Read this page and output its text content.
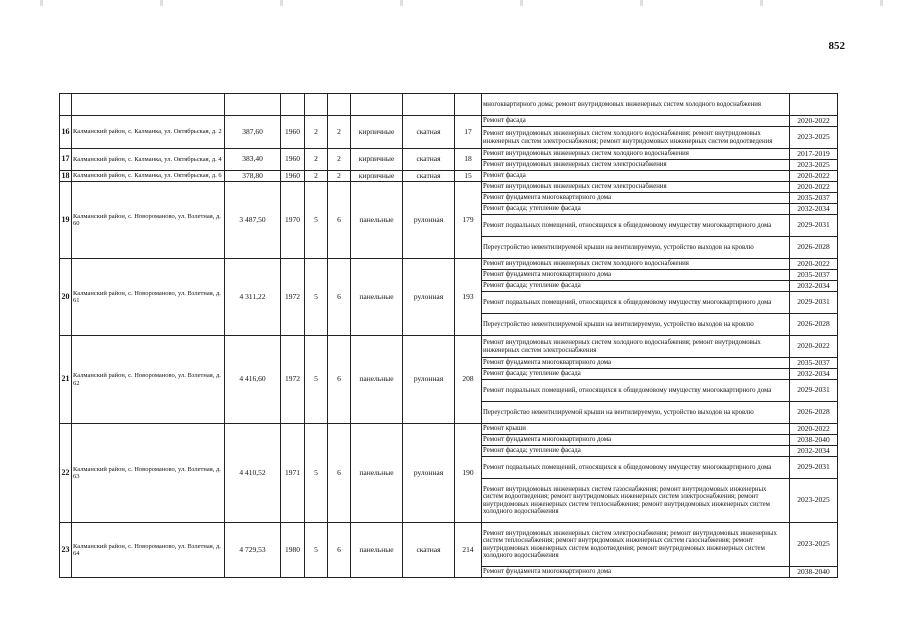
852
									многоквартирного дома; ремонт внутридомовых инженерных систем холодного водоснабжения	
16	Калманский район, с. Калманка, ул. Октябрьская, д. 2	387,60	1960	2	2	кирпичные	скатная	17	Ремонт фасада	2020-2022
									Ремонт внутридомовых инженерных систем холодного водоснабжения; ремонт внутридомовых инженерных систем электроснабжения; ремонт внутридомовых инженерных систем водоотведения	2023-2025
17	Калманский район, с. Калманка, ул. Октябрьская, д. 4	383,40	1960	2	2	кирпичные	скатная	18	Ремонт внутридомовых инженерных систем холодного водоснабжения	2017-2019
									Ремонт внутридомовых инженерных систем электроснабжения	2023-2025
18	Калманский район, с. Калманка, ул. Октябрьская, д. 6	378,80	1960	2	2	кирпичные	скатная	15	Ремонт фасада	2020-2022
19	Калманский район, с. Новороманово, ул. Взлетная, д. 60	3 487,50	1970	5	6	панельные	рулонная	179	Ремонт внутридомовых инженерных систем электроснабжения	2020-2022
									Ремонт фундамента многоквартирного дома	2035-2037
									Ремонт фасада; утепление фасада	2032-2034
									Ремонт подвальных помещений, относящихся к общедомовому имуществу многоквартирного дома	2029-2031
									Переустройство невентилируемой крыши на вентилируемую, устройство выходов на кровлю	2026-2028
20	Калманский район, с. Новороманово, ул. Взлетная, д. 61	4 311,22	1972	5	6	панельные	рулонная	193	Ремонт внутридомовых инженерных систем холодного водоснабжения	2020-2022
									Ремонт фундамента многоквартирного дома	2035-2037
									Ремонт фасада; утепление фасада	2032-2034
									Ремонт подвальных помещений, относящихся к общедомовому имуществу многоквартирного дома	2029-2031
									Переустройство невентилируемой крыши на вентилируемую, устройство выходов на кровлю	2026-2028
21	Калманский район, с. Новороманово, ул. Взлетная, д. 62	4 416,60	1972	5	6	панельные	рулонная	208	Ремонт внутридомовых инженерных систем холодного водоснабжения; ремонт внутридомовых инженерных систем электроснабжения	2020-2022
									Ремонт фундамента многоквартирного дома	2035-2037
									Ремонт фасада; утепление фасада	2032-2034
									Ремонт подвальных помещений, относящихся к общедомовому имуществу многоквартирного дома	2029-2031
									Переустройство невентилируемой крыши на вентилируемую, устройство выходов на кровлю	2026-2028
22	Калманский район, с. Новороманово, ул. Взлетная, д. 63	4 410,52	1971	5	6	панельные	рулонная	190	Ремонт крыши	2020-2022
									Ремонт фундамента многоквартирного дома	2038-2040
									Ремонт фасада; утепление фасада	2032-2034
									Ремонт подвальных помещений, относящихся к общедомовому имуществу многоквартирного дома	2029-2031
									Ремонт внутридомовых инженерных систем газоснабжения; ремонт внутридомовых инженерных систем водоотведения; ремонт внутридомовых инженерных систем электроснабжения; ремонт внутридомовых инженерных систем теплоснабжения; ремонт внутридомовых инженерных систем холодного водоснабжения	2023-2025
23	Калманский район, с. Новороманово, ул. Взлетная, д. 64	4 729,53	1980	5	6	панельные	скатная	214	Ремонт внутридомовых инженерных систем электроснабжения; ремонт внутридомовых инженерных систем теплоснабжения; ремонт внутридомовых инженерных систем газоснабжения; ремонт внутридомовых инженерных систем водоотведения; ремонт внутридомовых инженерных систем холодного водоснабжения	2023-2025
									Ремонт фундамента многоквартирного дома	2038-2040
